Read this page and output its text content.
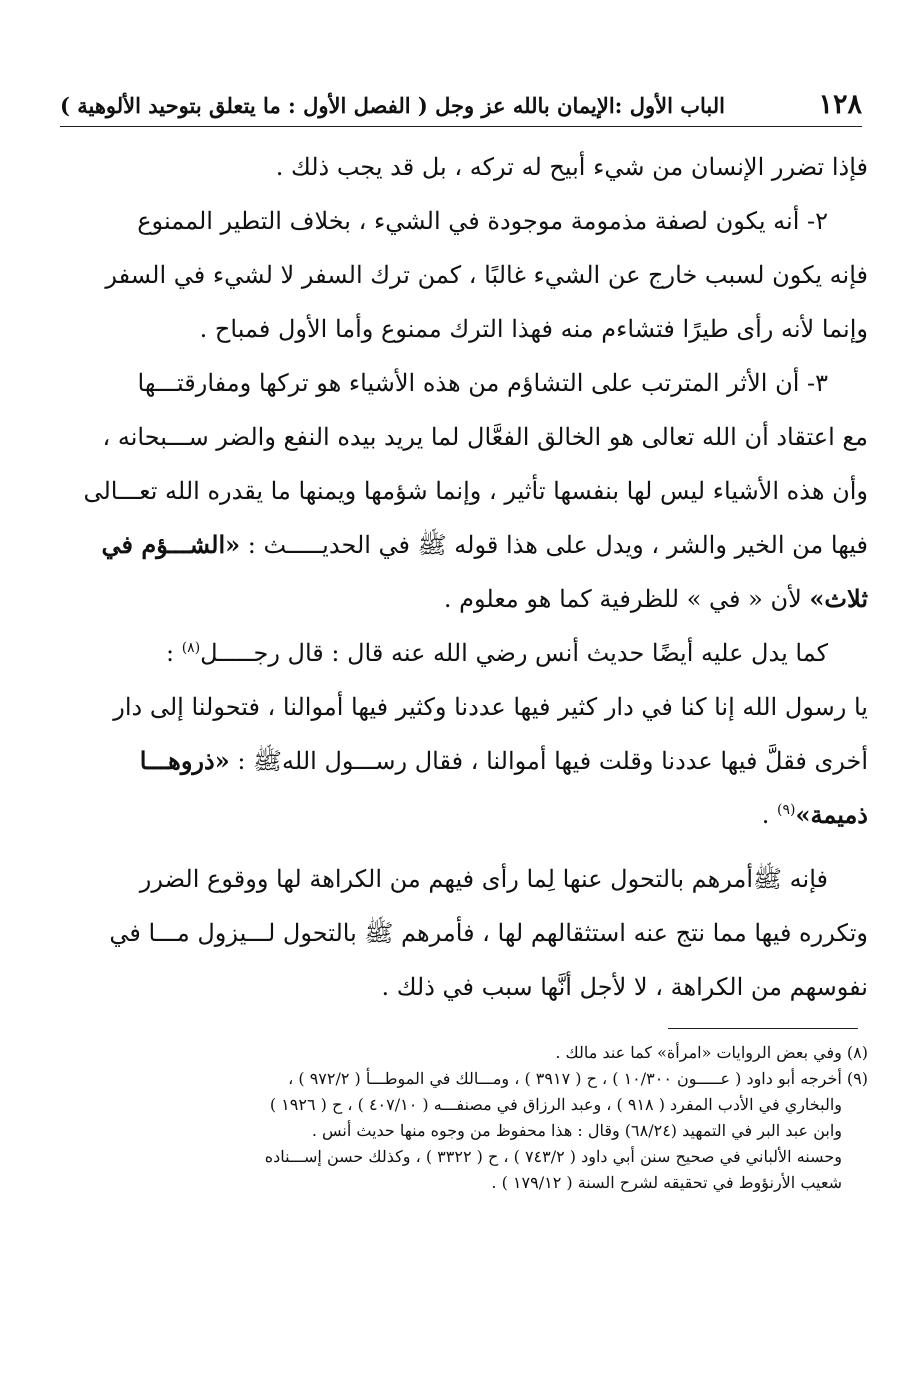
١٢٨
الباب الأول :الإيمان بالله عز وجل ( الفصل الأول : ما يتعلق بتوحيد الألوهية )
فإذا تضرر الإنسان من شيء أبيح له تركه ، بل قد يجب ذلك .
٢- أنه يكون لصفة مذمومة موجودة في الشيء ، بخلاف التطير الممنوع
فإنه يكون لسبب خارج عن الشيء غالبًا ، كمن ترك السفر لا لشيء في السفر
وإنما لأنه رأى طيرًا فتشاءم منه فهذا الترك ممنوع وأما الأول فمباح .
٣- أن الأثر المترتب على التشاؤم من هذه الأشياء هو تركها ومفارقتـــها
مع اعتقاد أن الله تعالى هو الخالق الفعَّال لما يريد بيده النفع والضر ســـبحانه ،
وأن هذه الأشياء ليس لها بنفسها تأثير ، وإنما شؤمها ويمنها ما يقدره الله تعـــالى
فيها من الخير والشر ، ويدل على هذا قوله ﷺ في الحديـــــث : «الشـــؤم في
ثلاث» لأن « في » للظرفية كما هو معلوم .
كما يدل عليه أيضًا حديث أنس رضي الله عنه قال : قال رجـــــل$^{(٨)}$ :
يا رسول الله إنا كنا في دار كثير فيها عددنا وكثير فيها أموالنا ، فتحولنا إلى دار
أخرى فقلَّ فيها عددنا وقلت فيها أموالنا ، فقال رســـول اللهﷺ : «ذروهـــا
ذميمة»$^{(٩)}$ .
فإنه ﷺأمرهم بالتحول عنها لِما رأى فيهم من الكراهة لها ووقوع الضرر
وتكرره فيها مما نتج عنه استثقالهم لها ، فأمرهم ﷺ بالتحول لـــيزول مـــا في
نفوسهم من الكراهة ، لا لأجل أنَّها سبب في ذلك .
(٨) وفي بعض الروايات «امرأة» كما عند مالك .
(٩) أخرجه أبو داود ( عـــــون ١٠/٣٠٠ ) ، ح ( ٣٩١٧ ) ، ومـــالك في الموطـــأ ( ٩٧٢/٢ ) ،
والبخاري في الأدب المفرد ( ٩١٨ ) ، وعبد الرزاق في مصنفـــه ( ٤٠٧/١٠ ) ، ح ( ١٩٢٦ )
وابن عبد البر في التمهيد (٦٨/٢٤) وقال : هذا محفوظ من وجوه منها حديث أنس .
وحسنه الألباني في صحيح سنن أبي داود ( ٧٤٣/٢ ) ، ح ( ٣٣٢٢ ) ، وكذلك حسن إســـناده
شعيب الأرنؤوط في تحقيقه لشرح السنة ( ١٧٩/١٢ ) .
